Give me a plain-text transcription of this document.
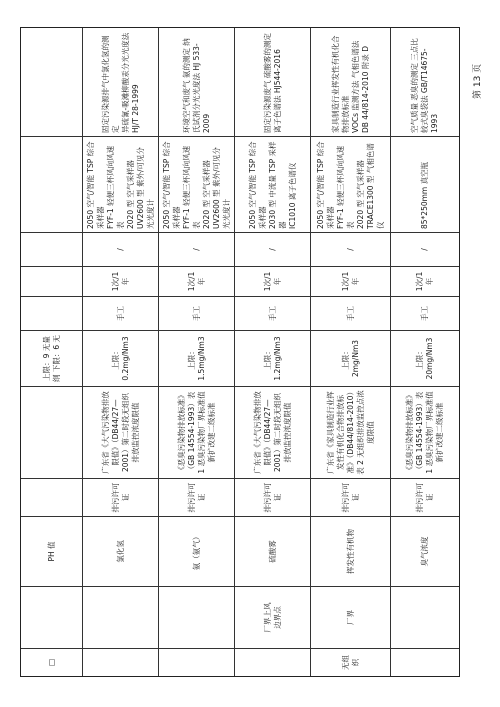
□
PH 值
上限：9 无量纲 下限：6 无
氯化氢
排污许可证
广东省《大气污染物排放限值》（DB44/27—2001）第二时段无组织排放监控浓度限值
上限：0.2mg/Nm3
手工
1次/1年
/
2050 空气/智能 TSP 综合采样器
FYF-1 轻便三杯风向风速表
2020 型 空气采样器
UV2600 型 紫外/可见分光光度计
固定污染源排气中氯化氢的测定
异硫氰-吸滩柳酸汞分光光度法 HJ/T 28-1999
氨（氨气）
排污许可证
《恶臭污染物排放标准》（GB 14554-1993）表 1 恶臭污染物厂界标准值新扩改建二级标准
上限：1.5mg/Nm3
手工
1次/1年
/
2050 空气/智能 TSP 综合采样器
FYF-1 轻便三杯风向风速表
2020 型 空气采样器
UV2600 型 紫外/可见分光光度计
环境空气和废气 氨的测定 纳氏试剂分光光度法 HJ 533-2009
厂界上风
边界点
硫酸雾
排污许可证
广东省《大气污染物排放限值》（DB44/27—2001）第二时段无组织排放监控浓度限值
上限：1.2mg/Nm3
手工
1次/1年
/
2050 空气/智能 TSP 综合采样器
2030 型 中流量 TSP 采样器
IC1010 离子色谱仪
固定污染源废气 硫酸雾的测定
离子色谱法 HJ544-2016
无组织
厂界
挥发性有机物
排污许可证
广东省《家具制造行业挥发性有机化合物排放标准》（DB44/814-2010）表 2 无组织排放监控点浓度限值
上限：2mg/Nm3
手工
1次/1年
/
2050 空气/智能 TSP 综合采样器
FYF-1 轻便三杯风向风速表
2020 型 空气采样器
TRACE1300 型 气相色谱仪
家具制造行业挥发性有机化合物排放标准
VOCs 监测方法 气相色谱法 DB 44/814-2010 附录 D
臭气浓度
排污许可证
《恶臭污染物排放标准》（GB 14554-1993）表 1 恶臭污染物厂界标准值新扩改建二级标准
上限：20mg/Nm3
手工
1次/1年
/
85*250mm 真空瓶
空气质量 恶臭的测定 三点比较式臭袋法 GB/T14675-1993
第 13 页
